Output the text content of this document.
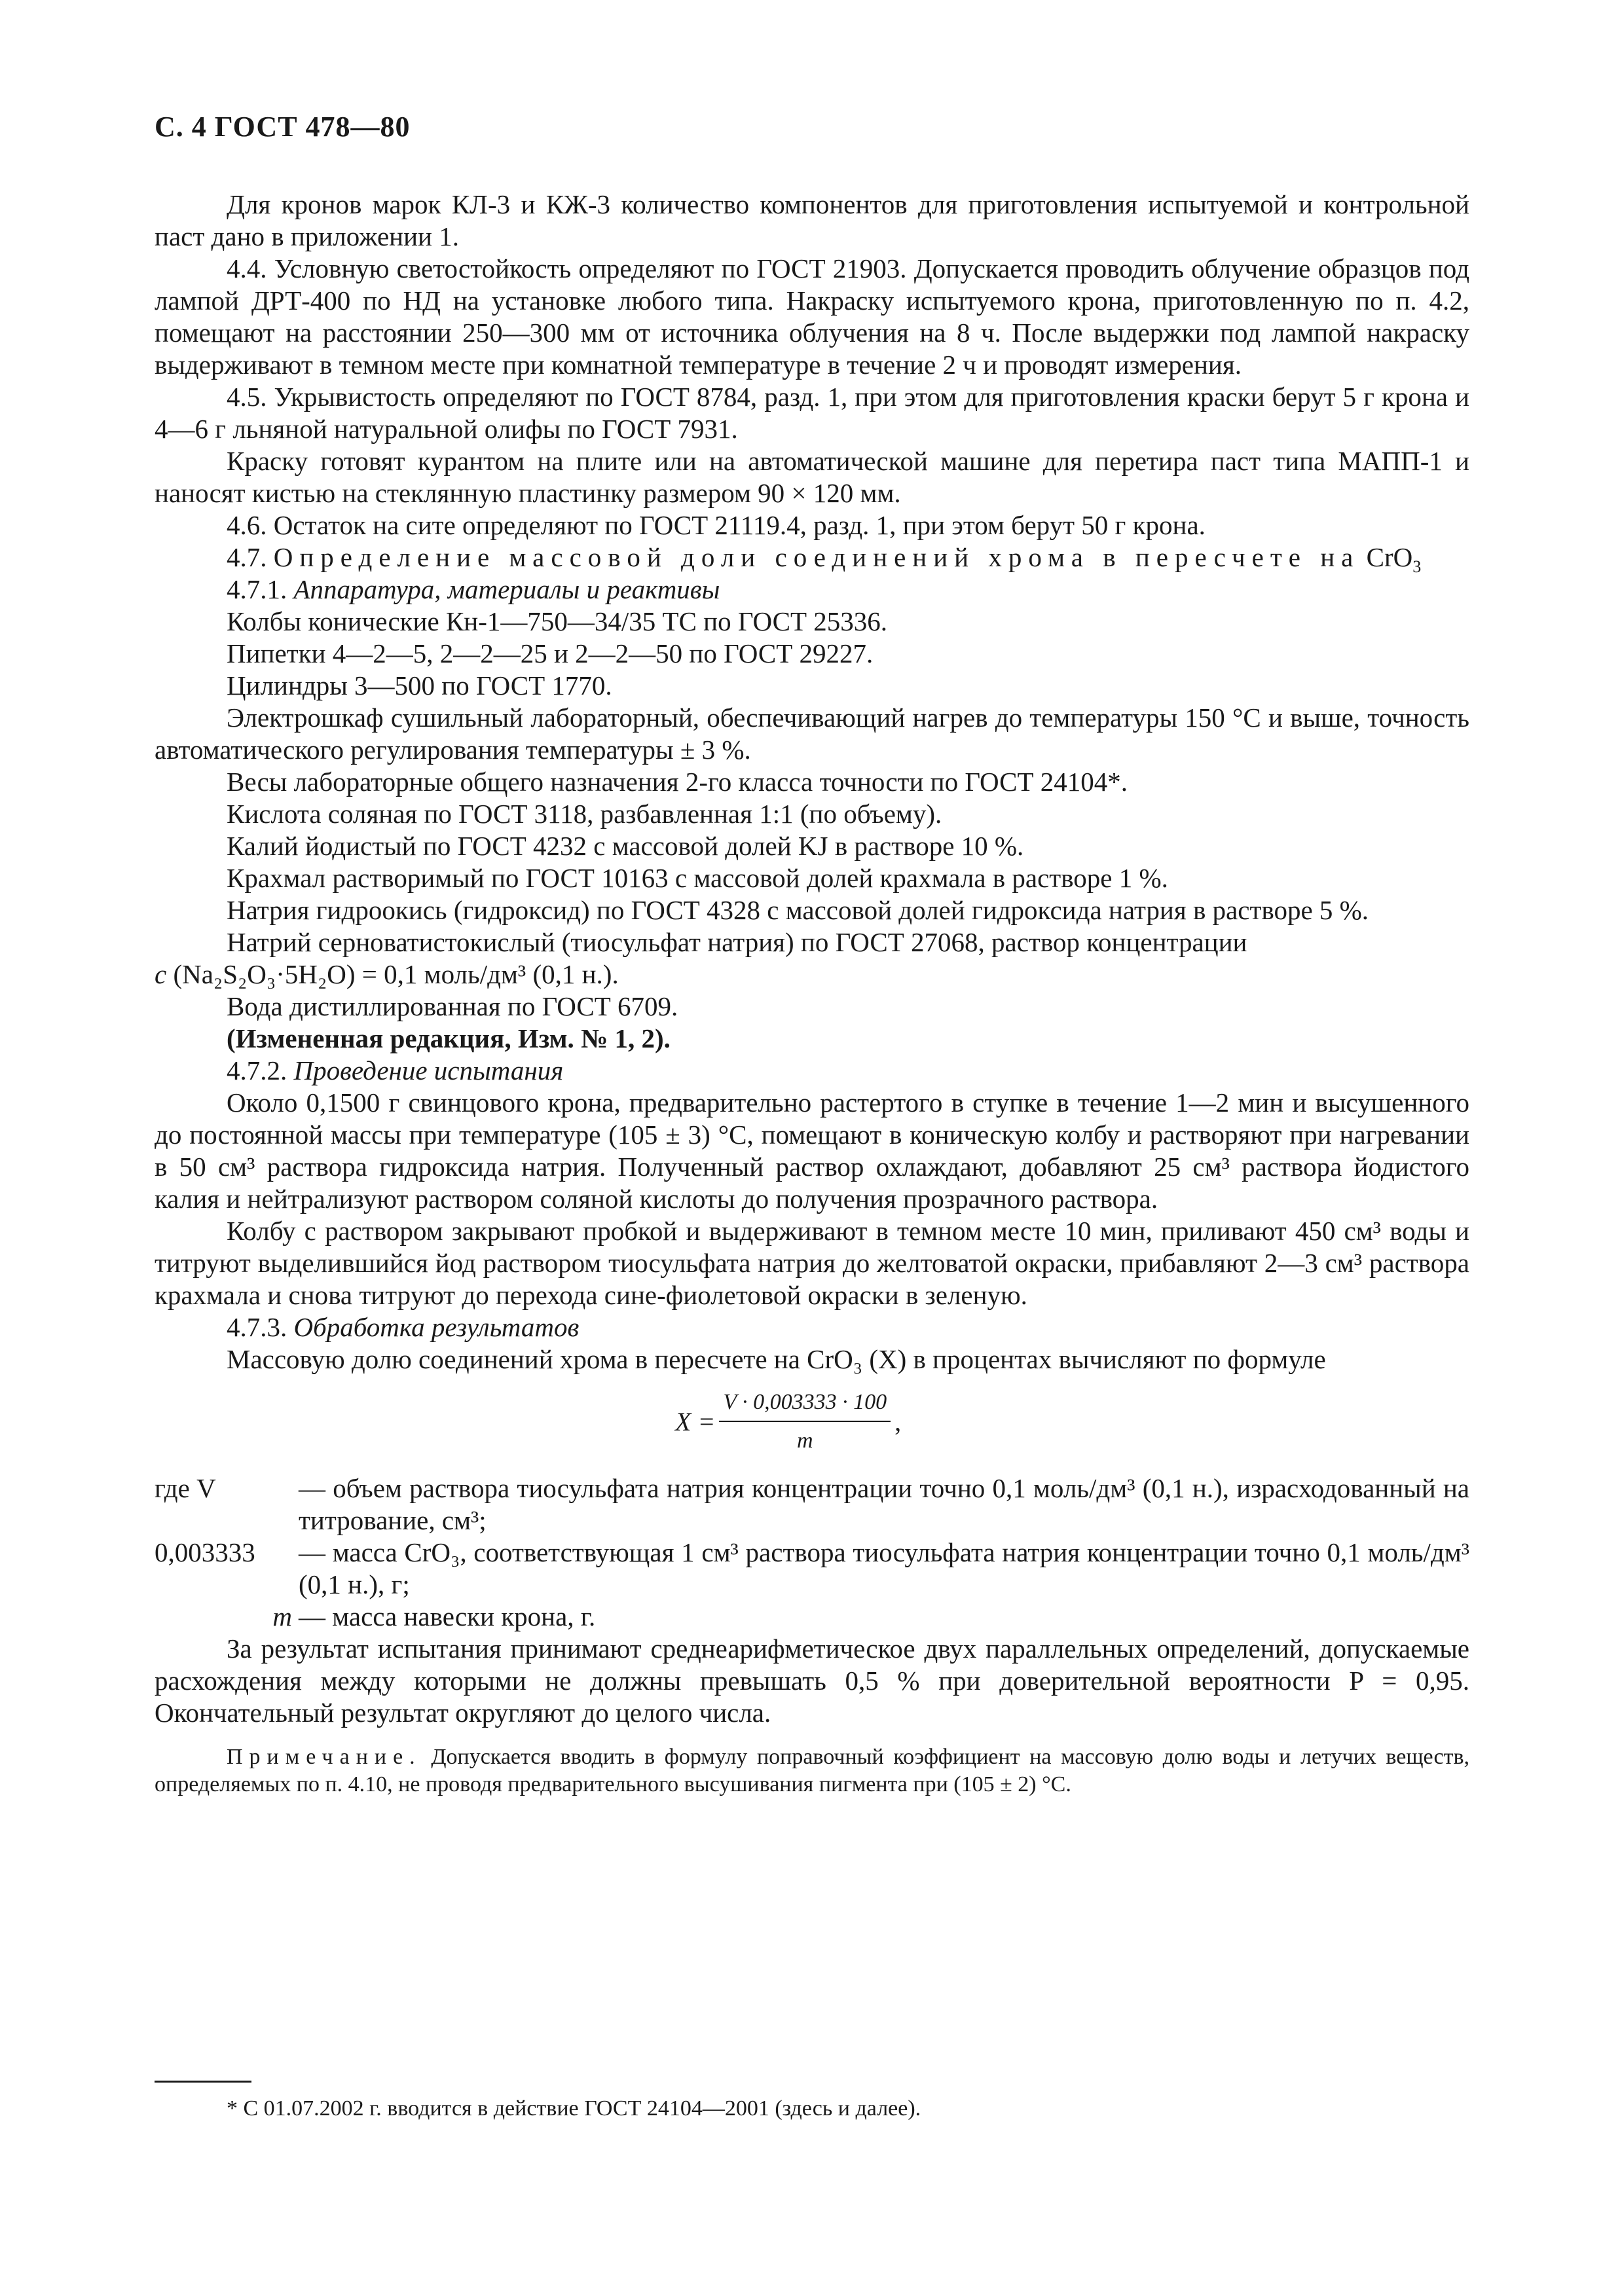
С. 4 ГОСТ 478—80

Для кронов марок КЛ-3 и КЖ-3 количество компонентов для приготовления испытуемой и контрольной паст дано в приложении 1.

4.4. Условную светостойкость определяют по ГОСТ 21903. Допускается проводить облучение образцов под лампой ДРТ-400 по НД на установке любого типа. Накраску испытуемого крона, приготовленную по п. 4.2, помещают на расстоянии 250—300 мм от источника облучения на 8 ч. После выдержки под лампой накраску выдерживают в темном месте при комнатной температуре в течение 2 ч и проводят измерения.

4.5. Укрывистость определяют по ГОСТ 8784, разд. 1, при этом для приготовления краски берут 5 г крона и 4—6 г льняной натуральной олифы по ГОСТ 7931.

Краску готовят курантом на плите или на автоматической машине для перетира паст типа МАПП-1 и наносят кистью на стеклянную пластинку размером 90 × 120 мм.

4.6. Остаток на сите определяют по ГОСТ 21119.4, разд. 1, при этом берут 50 г крона.

4.7. Определение массовой доли соединений хрома в пересчете на CrO$_3$

4.7.1. Аппаратура, материалы и реактивы

Колбы конические Кн-1—750—34/35 ТС по ГОСТ 25336.

Пипетки 4—2—5, 2—2—25 и 2—2—50 по ГОСТ 29227.

Цилиндры 3—500 по ГОСТ 1770.

Электрошкаф сушильный лабораторный, обеспечивающий нагрев до температуры 150 °С и выше, точность автоматического регулирования температуры ± 3 %.

Весы лабораторные общего назначения 2-го класса точности по ГОСТ 24104*.

Кислота соляная по ГОСТ 3118, разбавленная 1:1 (по объему).

Калий йодистый по ГОСТ 4232 с массовой долей KJ в растворе 10 %.

Крахмал растворимый по ГОСТ 10163 с массовой долей крахмала в растворе 1 %.

Натрия гидроокись (гидроксид) по ГОСТ 4328 с массовой долей гидроксида натрия в растворе 5 %.

Натрий серноватистокислый (тиосульфат натрия) по ГОСТ 27068, раствор концентрации

с (Na₂S₂O₃·5H₂O) = 0,1 моль/дм³ (0,1 н.).

Вода дистиллированная по ГОСТ 6709.

(Измененная редакция, Изм. № 1, 2).

4.7.2. Проведение испытания

Около 0,1500 г свинцового крона, предварительно растертого в ступке в течение 1—2 мин и высушенного до постоянной массы при температуре (105 ± 3) °С, помещают в коническую колбу и растворяют при нагревании в 50 см³ раствора гидроксида натрия. Полученный раствор охлаждают, добавляют 25 см³ раствора йодистого калия и нейтрализуют раствором соляной кислоты до получения прозрачного раствора.

Колбу с раствором закрывают пробкой и выдерживают в темном месте 10 мин, приливают 450 см³ воды и титруют выделившийся йод раствором тиосульфата натрия до желтоватой окраски, прибавляют 2—3 см³ раствора крахмала и снова титруют до перехода сине-фиолетовой окраски в зеленую.

4.7.3. Обработка результатов

Массовую долю соединений хрома в пересчете на CrO₃ (X) в процентах вычисляют по формуле

$X = \frac{V \cdot 0,003333 \cdot 100}{m}$ ,
где V	— объем раствора тиосульфата натрия концентрации точно 0,1 моль/дм³ (0,1 н.), израсходованный на титрование, см³;
0,003333	— масса CrO₃, соответствующая 1 см³ раствора тиосульфата натрия концентрации точно 0,1 моль/дм³ (0,1 н.), г;
m — масса навески крона, г.

За результат испытания принимают среднеарифметическое двух параллельных определений, допускаемые расхождения между которыми не должны превышать 0,5 % при доверительной вероятности P = 0,95. Окончательный результат округляют до целого числа.

Примечание. Допускается вводить в формулу поправочный коэффициент на массовую долю воды и летучих веществ, определяемых по п. 4.10, не проводя предварительного высушивания пигмента при (105 ± 2) °С.
* С 01.07.2002 г. вводится в действие ГОСТ 24104—2001 (здесь и далее).
